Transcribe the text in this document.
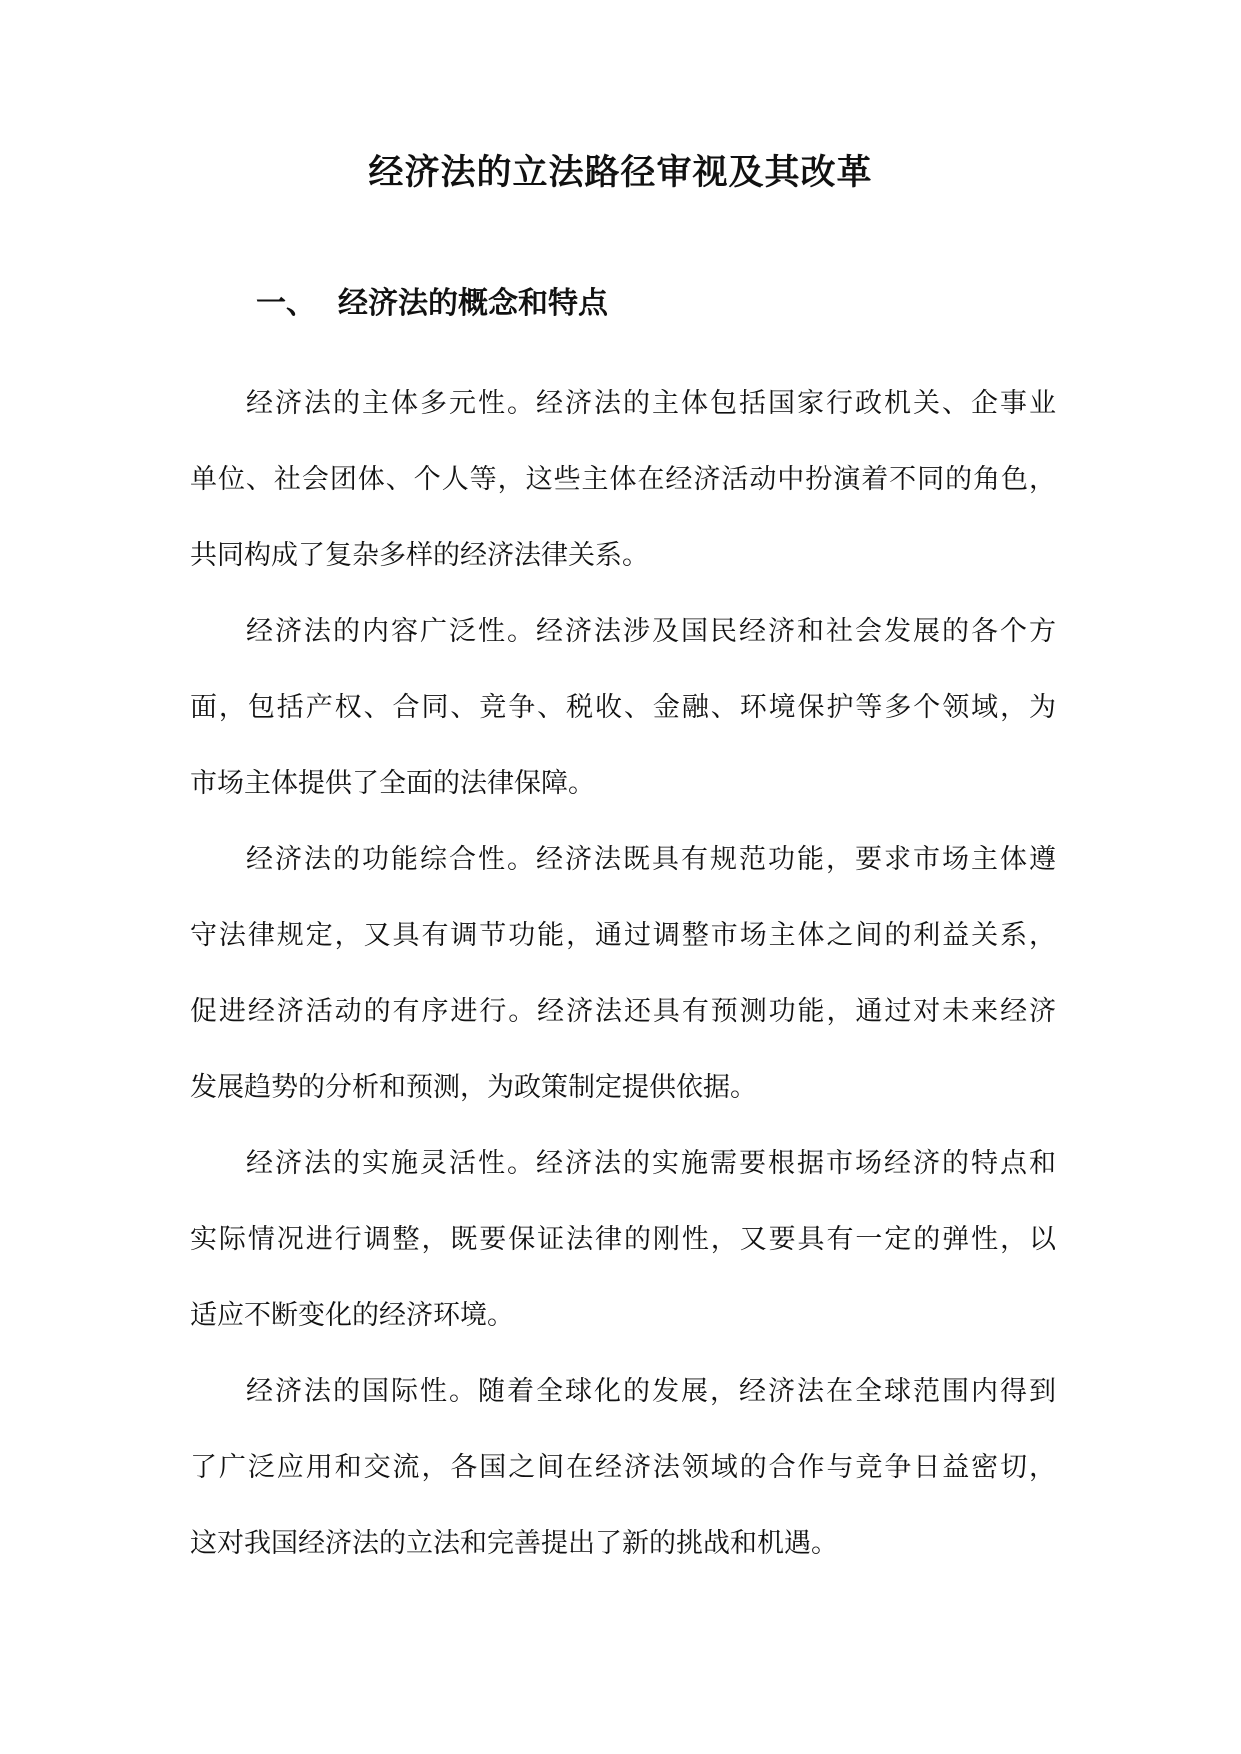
经济法的立法路径审视及其改革
一、 经济法的概念和特点

经济法的主体多元性。经济法的主体包括国家行政机关、企事业
单位、社会团体、个人等，这些主体在经济活动中扮演着不同的角色，
共同构成了复杂多样的经济法律关系。

经济法的内容广泛性。经济法涉及国民经济和社会发展的各个方
面，包括产权、合同、竞争、税收、金融、环境保护等多个领域，为
市场主体提供了全面的法律保障。

经济法的功能综合性。经济法既具有规范功能，要求市场主体遵
守法律规定，又具有调节功能，通过调整市场主体之间的利益关系，
促进经济活动的有序进行。经济法还具有预测功能，通过对未来经济
发展趋势的分析和预测，为政策制定提供依据。

经济法的实施灵活性。经济法的实施需要根据市场经济的特点和
实际情况进行调整，既要保证法律的刚性，又要具有一定的弹性，以
适应不断变化的经济环境。

经济法的国际性。随着全球化的发展，经济法在全球范围内得到
了广泛应用和交流，各国之间在经济法领域的合作与竞争日益密切，
这对我国经济法的立法和完善提出了新的挑战和机遇。
